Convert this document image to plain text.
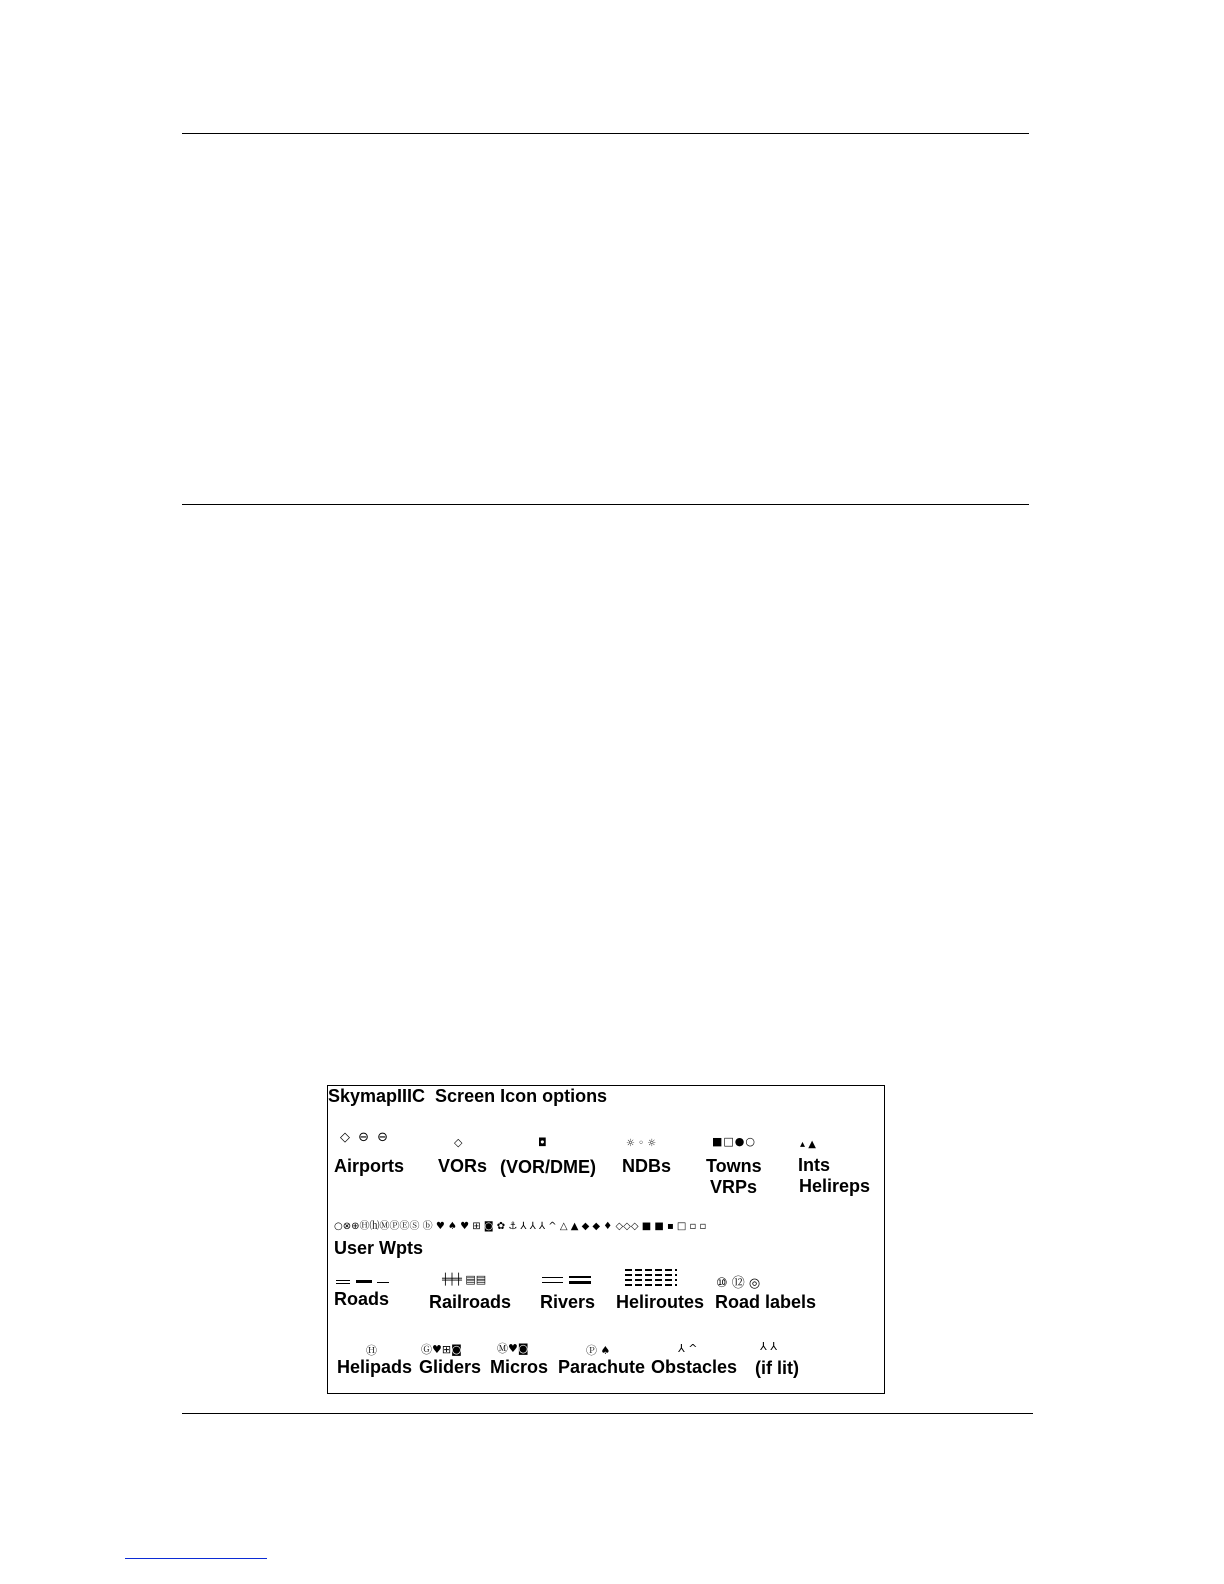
SkymapIIIC  Screen Icon options
◇ ⊖ ⊖
Airports
◇
VORs
◘
(VOR/DME)
☼ ◦ ☼
NDBs
■□●○
Towns
VRPs
▴ ▲
Ints
Helireps
○⊗⊕Ⓗ⒣ⓂⓅⒺⓈ ⓑ ♥ ♠ ♥ ⊞ ◙ ✿ ⚓ ⅄ ⅄ ⅄ ^ △ ▲ ◆ ◆ ♦ ◇◇◇ ■ ■ ▪ □ ▫ ▫
User Wpts
Roads
╪╪╪ ▤▤
Railroads Rivers Heliroutes
⑩ ⑫ ◎
Road labels
Ⓗ
Helipads
Ⓖ♥⊞◙
Gliders
Ⓜ♥◙
Micros
Ⓟ ♠
Parachute
⅄ ^
Obstacles
⅄ ⅄
(if lit)
